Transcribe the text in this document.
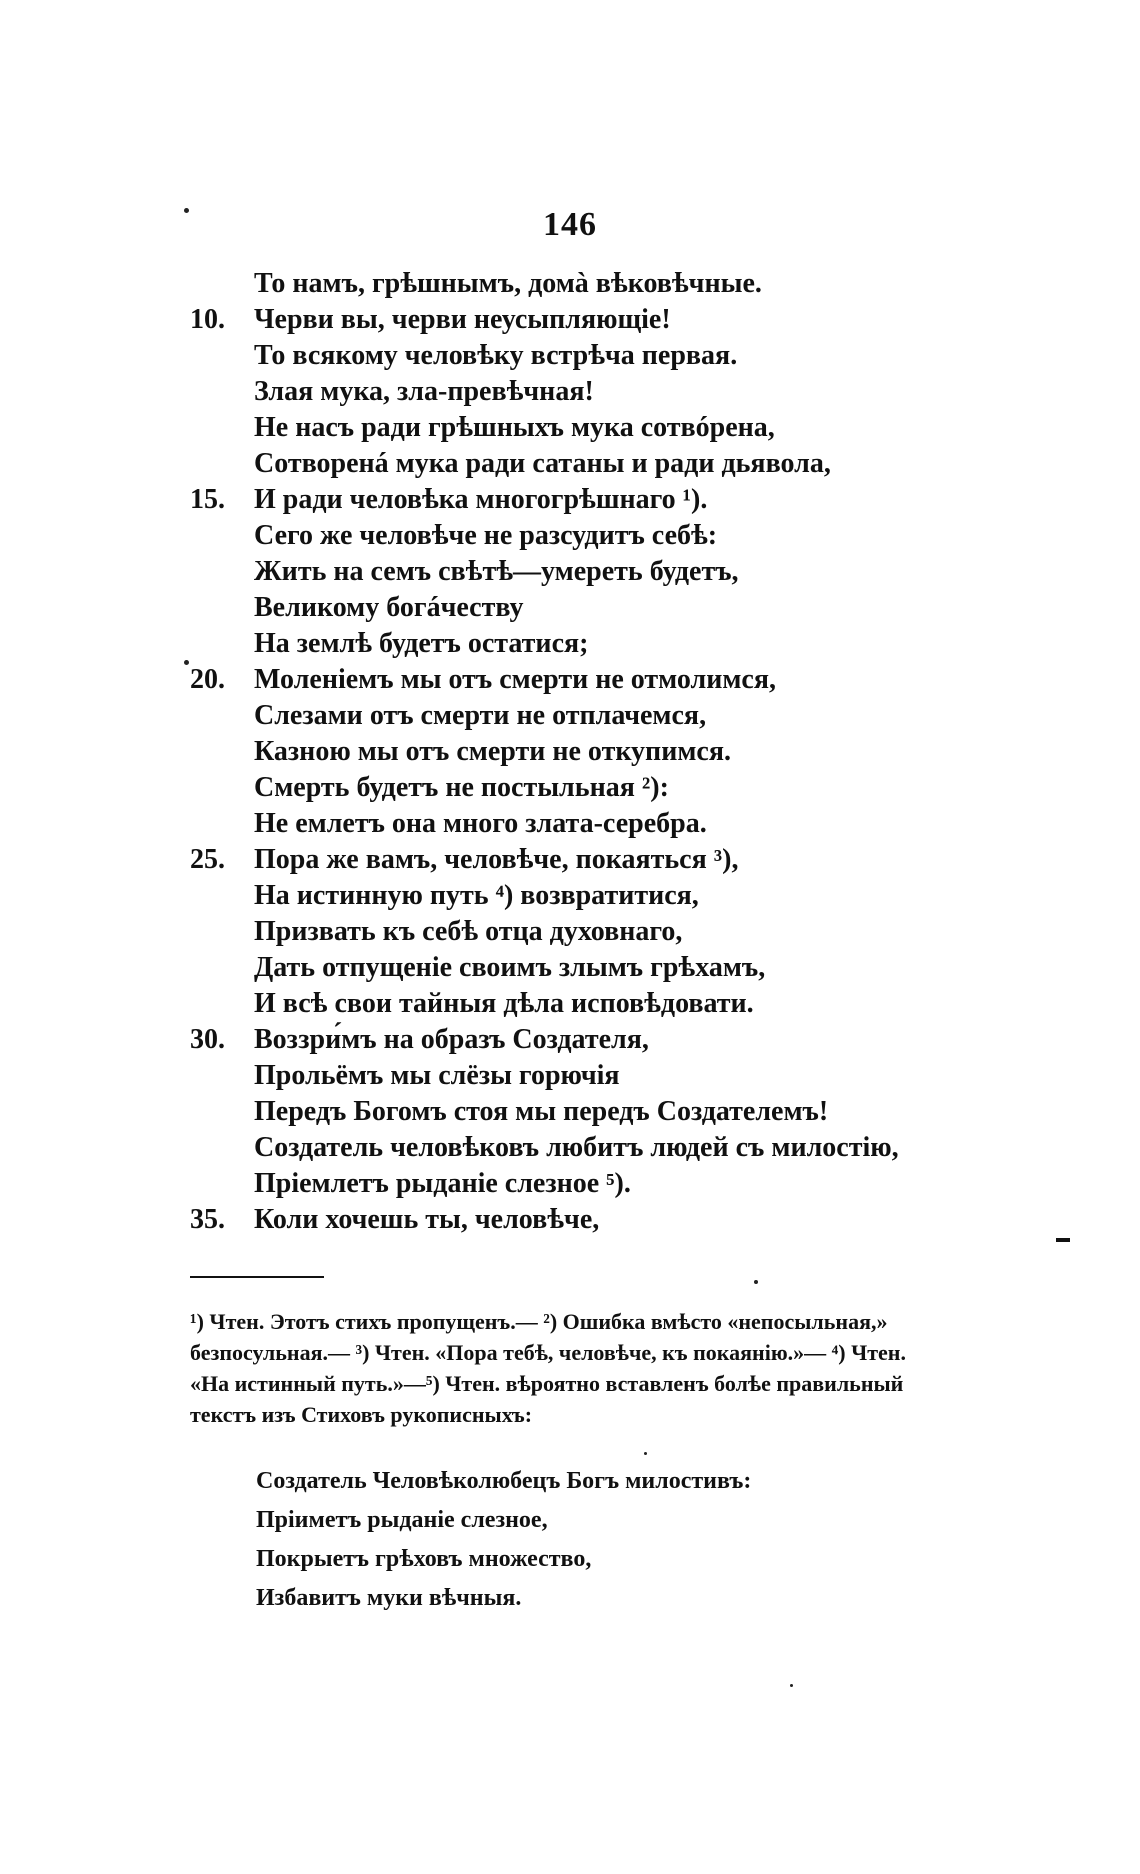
146
То намъ, грѣшнымъ, домà вѣковѣчные.
10.	Черви вы, черви неусыпляющіе!
То всякому человѣку встрѣча первая.
Злая мука, зла-превѣчная!
Не насъ ради грѣшныхъ мука сотвóрена,
Сотворенá мука ради сатаны и ради дьявола,
15.	И ради человѣка многогрѣшнаго ¹).
Сего же человѣче не разсудитъ себѣ:
Жить на семъ свѣтѣ—умереть будетъ,
Великому богáчеству
На землѣ будетъ остатися;
20.	Моленіемъ мы отъ смерти не отмолимся,
Слезами отъ смерти не отплачемся,
Казнoю мы отъ смерти не откупимся.
Смерть будетъ не постыльная ²):
Не емлетъ она много злата-серебра.
25.	Пора же вамъ, человѣче, покаяться ³),
На истинную путь ⁴) возвратитися,
Призвать къ себѣ отца духовнаго,
Дать отпущеніе своимъ злымъ грѣхамъ,
И всѣ свои тайныя дѣла исповѣдовати.
30.	Воззри́мъ на образъ Создателя,
Прольёмъ мы слёзы горючія
Передъ Богомъ стоя мы передъ Создателемъ!
Создатель человѣковъ любитъ людей съ милостію,
Пріемлетъ рыданіе слезное ⁵).
35.	Коли хочешь ты, человѣче,
¹) Чтен. Этотъ стихъ пропущенъ.— ²) Ошибка вмѣсто «непосыльная,»
безпосульная.— ³) Чтен. «Пора тебѣ, человѣче, къ покаянію.»— ⁴) Чтен.
«На истинный путь.»—⁵) Чтен. вѣроятно вставленъ болѣе правильный
текстъ изъ Стиховъ рукописныхъ:
Создатель Человѣколюбецъ Богъ милостивъ:
Пріиметъ рыданіе слезное,
Покрыетъ грѣховъ множество,
Избавитъ муки вѣчныя.
